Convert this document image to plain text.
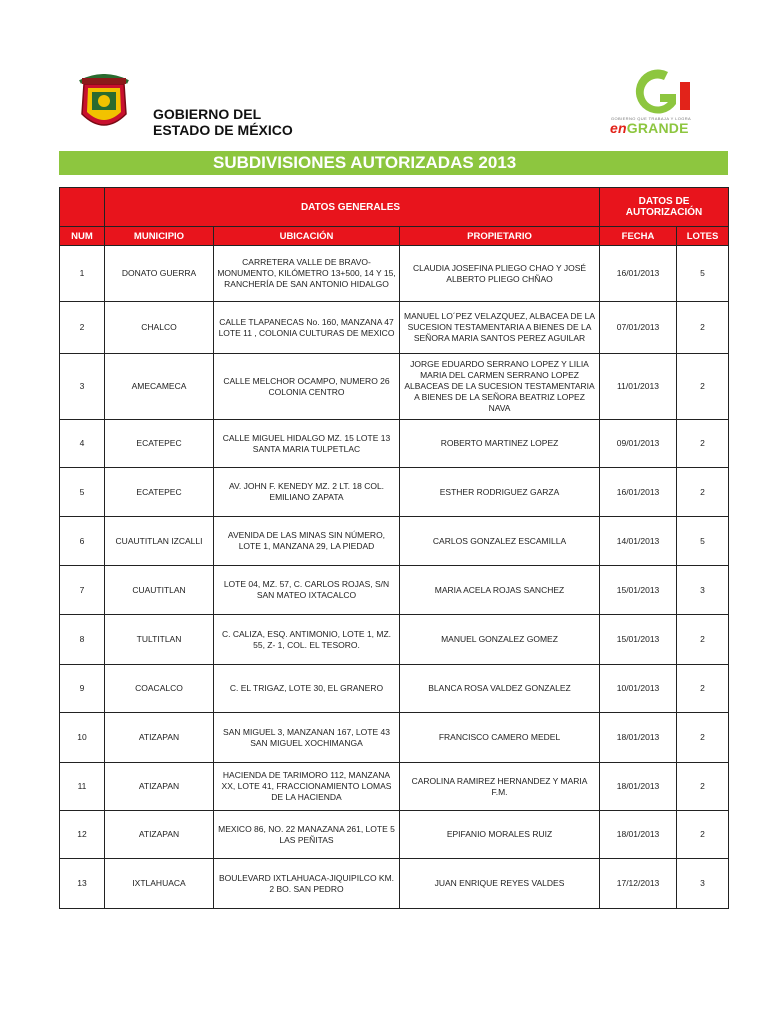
GOBIERNO DEL
ESTADO DE MÉXICO
GOBIERNO QUE TRABAJA Y LOGRA
enGRANDE
SUBDIVISIONES AUTORIZADAS 2013
	DATOS GENERALES			DATOS DE AUTORIZACIÓN	
NUM	MUNICIPIO	UBICACIÓN	PROPIETARIO	FECHA	LOTES
1	DONATO GUERRA	CARRETERA VALLE DE BRAVO-MONUMENTO, KILÓMETRO 13+500, 14 Y 15, RANCHERÍA DE SAN ANTONIO HIDALGO	CLAUDIA JOSEFINA PLIEGO CHAO Y JOSÉ ALBERTO PLIEGO CHÑAO	16/01/2013	5
2	CHALCO	CALLE TLAPANECAS No. 160, MANZANA 47 LOTE 11 , COLONIA CULTURAS DE MEXICO	MANUEL LO´PEZ VELAZQUEZ, ALBACEA DE LA SUCESION TESTAMENTARIA A BIENES DE LA SEÑORA MARIA SANTOS PEREZ AGUILAR	07/01/2013	2
3	AMECAMECA	CALLE MELCHOR OCAMPO, NUMERO 26 COLONIA CENTRO	JORGE EDUARDO SERRANO LOPEZ Y LILIA MARIA DEL CARMEN SERRANO LOPEZ ALBACEAS DE LA SUCESION TESTAMENTARIA A BIENES DE LA SEÑORA BEATRIZ LOPEZ NAVA	11/01/2013	2
4	ECATEPEC	CALLE MIGUEL HIDALGO MZ. 15 LOTE 13 SANTA MARIA TULPETLAC	ROBERTO MARTINEZ LOPEZ	09/01/2013	2
5	ECATEPEC	AV. JOHN F. KENEDY MZ. 2 LT. 18 COL. EMILIANO ZAPATA	ESTHER RODRIGUEZ GARZA	16/01/2013	2
6	CUAUTITLAN IZCALLI	AVENIDA DE LAS MINAS SIN NÚMERO, LOTE 1, MANZANA 29, LA PIEDAD	CARLOS GONZALEZ ESCAMILLA	14/01/2013	5
7	CUAUTITLAN	LOTE 04, MZ. 57, C. CARLOS ROJAS, S/N SAN MATEO IXTACALCO	MARIA ACELA ROJAS SANCHEZ	15/01/2013	3
8	TULTITLAN	C. CALIZA, ESQ. ANTIMONIO, LOTE 1, MZ. 55, Z- 1, COL. EL TESORO.	MANUEL GONZALEZ GOMEZ	15/01/2013	2
9	COACALCO	C. EL TRIGAZ, LOTE 30, EL GRANERO	BLANCA ROSA VALDEZ GONZALEZ	10/01/2013	2
10	ATIZAPAN	SAN MIGUEL 3, MANZANAN 167, LOTE 43 SAN MIGUEL XOCHIMANGA	FRANCISCO CAMERO MEDEL	18/01/2013	2
11	ATIZAPAN	HACIENDA DE TARIMORO 112, MANZANA XX, LOTE 41, FRACCIONAMIENTO LOMAS DE LA HACIENDA	CAROLINA RAMIREZ HERNANDEZ Y MARIA F.M.	18/01/2013	2
12	ATIZAPAN	MEXICO 86, NO. 22 MANAZANA 261, LOTE 5 LAS PEÑITAS	EPIFANIO MORALES RUIZ	18/01/2013	2
13	IXTLAHUACA	BOULEVARD IXTLAHUACA-JIQUIPILCO KM. 2 BO. SAN PEDRO	JUAN ENRIQUE REYES VALDES	17/12/2013	3
